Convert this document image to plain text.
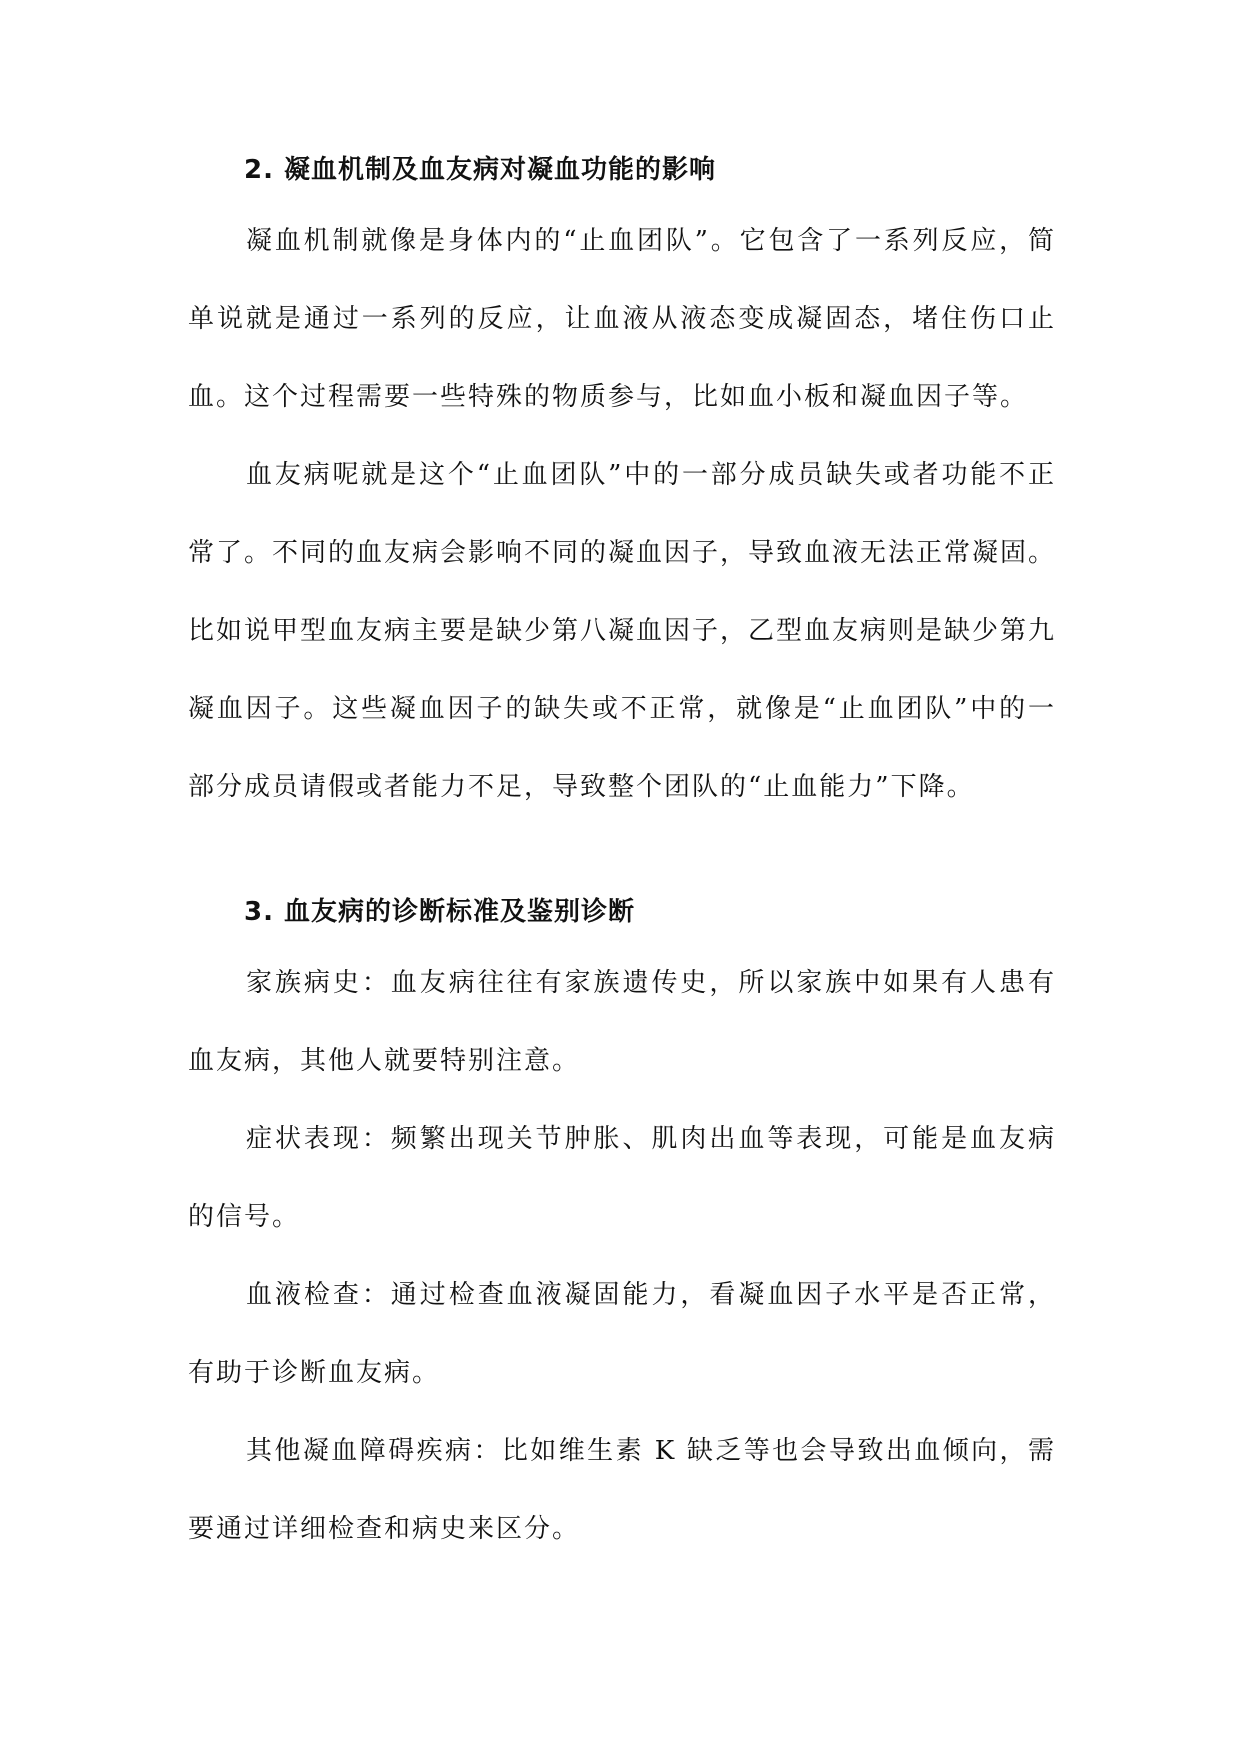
2. 凝血机制及血友病对凝血功能的影响

凝血机制就像是身体内的“止血团队”。它包含了一系列反应，简单说就是通过一系列的反应，让血液从液态变成凝固态，堵住伤口止血。这个过程需要一些特殊的物质参与，比如血小板和凝血因子等。

血友病呢就是这个“止血团队”中的一部分成员缺失或者功能不正常了。不同的血友病会影响不同的凝血因子，导致血液无法正常凝固。比如说甲型血友病主要是缺少第八凝血因子，乙型血友病则是缺少第九凝血因子。这些凝血因子的缺失或不正常，就像是“止血团队”中的一部分成员请假或者能力不足，导致整个团队的“止血能力”下降。

3. 血友病的诊断标准及鉴别诊断

家族病史：血友病往往有家族遗传史，所以家族中如果有人患有血友病，其他人就要特别注意。

症状表现：频繁出现关节肿胀、肌肉出血等表现，可能是血友病的信号。

血液检查：通过检查血液凝固能力，看凝血因子水平是否正常，有助于诊断血友病。

其他凝血障碍疾病：比如维生素 K 缺乏等也会导致出血倾向，需要通过详细检查和病史来区分。
